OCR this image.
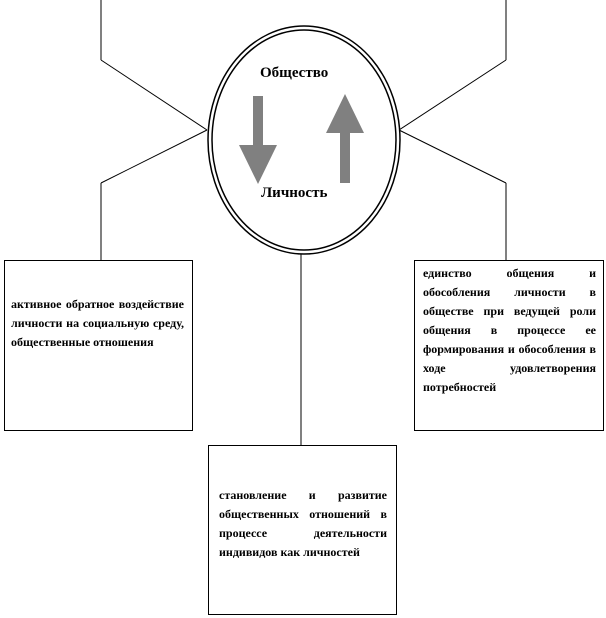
Общество
Личность

активное обратное воздействие личности на социальную среду, общественные отношения

единство общения и обособления личности в обществе при ведущей роли общения в процессе ее формирования и обособления в ходе удовлетворения потребностей

становление и развитие общественных отношений в процессе деятельности индивидов как личностей
